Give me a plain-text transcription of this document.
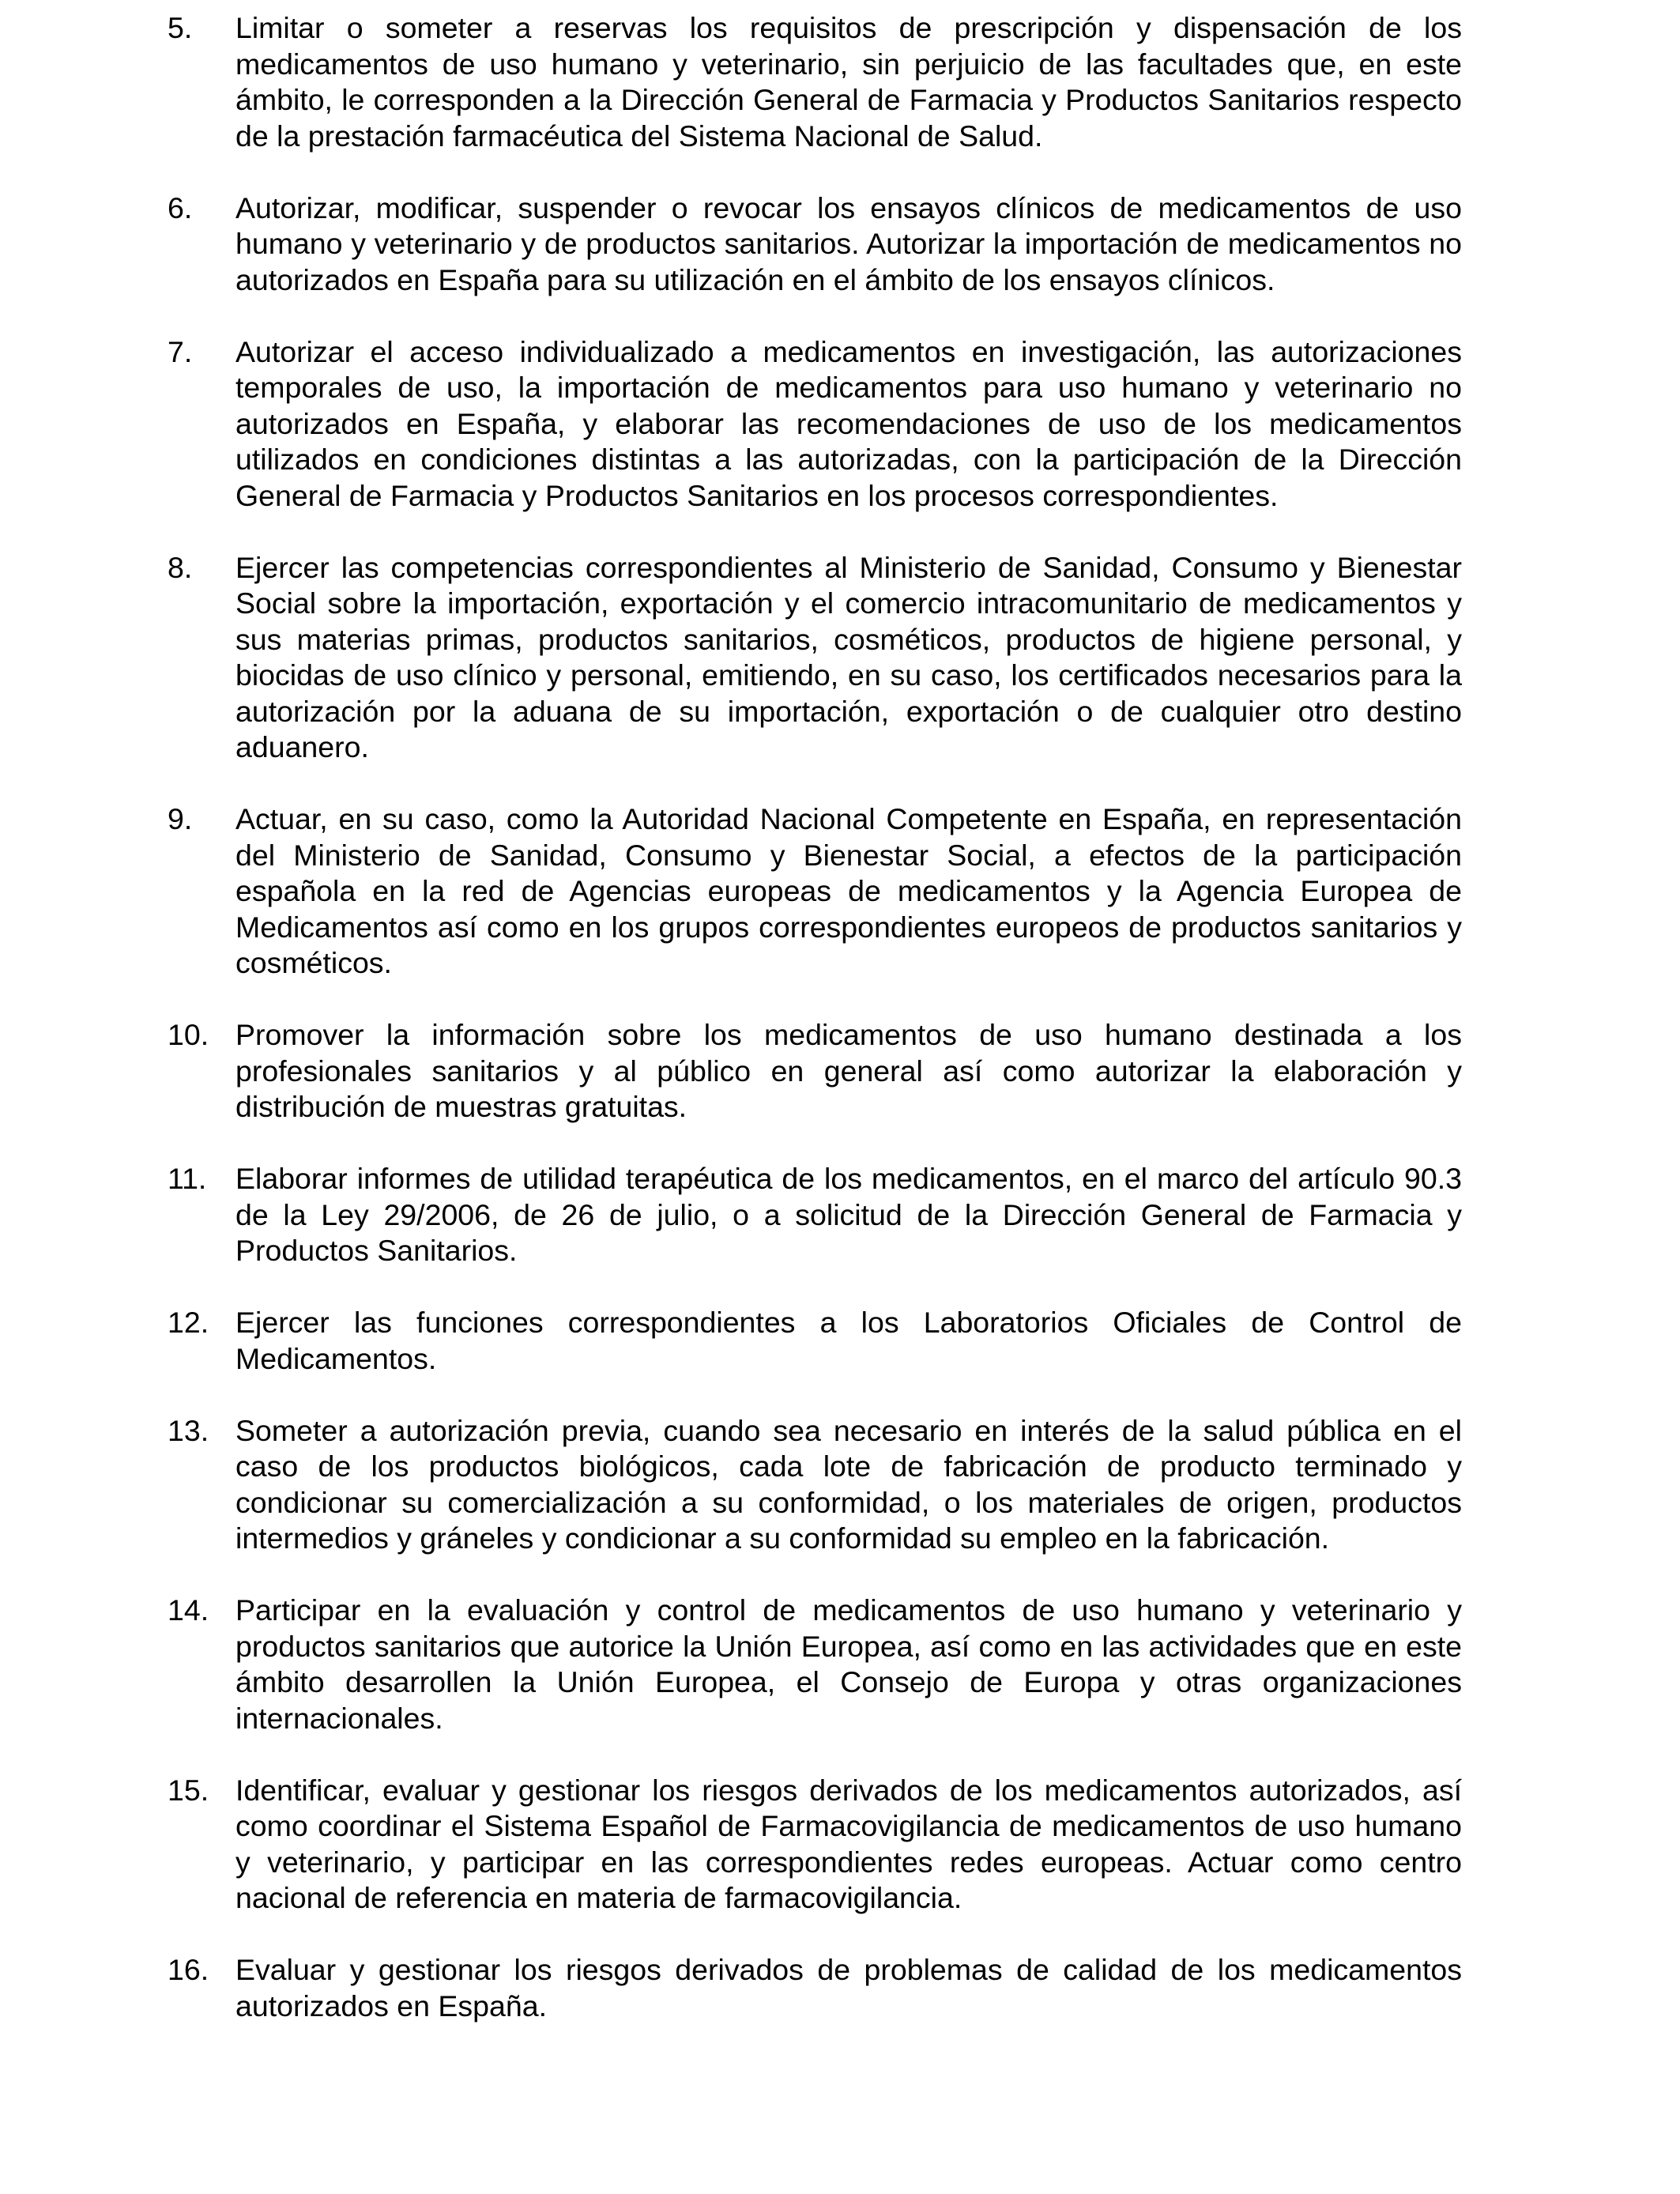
5. Limitar o someter a reservas los requisitos de prescripción y dispensación de los medicamentos de uso humano y veterinario, sin perjuicio de las facultades que, en este ámbito, le corresponden a la Dirección General de Farmacia y Productos Sanitarios respecto de la prestación farmacéutica del Sistema Nacional de Salud.
6. Autorizar, modificar, suspender o revocar los ensayos clínicos de medicamentos de uso humano y veterinario y de productos sanitarios. Autorizar la importación de medicamentos no autorizados en España para su utilización en el ámbito de los ensayos clínicos.
7. Autorizar el acceso individualizado a medicamentos en investigación, las autorizaciones temporales de uso, la importación de medicamentos para uso humano y veterinario no autorizados en España, y elaborar las recomendaciones de uso de los medicamentos utilizados en condiciones distintas a las autorizadas, con la participación de la Dirección General de Farmacia y Productos Sanitarios en los procesos correspondientes.
8. Ejercer las competencias correspondientes al Ministerio de Sanidad, Consumo y Bienestar Social sobre la importación, exportación y el comercio intracomunitario de medicamentos y sus materias primas, productos sanitarios, cosméticos, productos de higiene personal, y biocidas de uso clínico y personal, emitiendo, en su caso, los certificados necesarios para la autorización por la aduana de su importación, exportación o de cualquier otro destino aduanero.
9. Actuar, en su caso, como la Autoridad Nacional Competente en España, en representación del Ministerio de Sanidad, Consumo y Bienestar Social, a efectos de la participación española en la red de Agencias europeas de medicamentos y la Agencia Europea de Medicamentos así como en los grupos correspondientes europeos de productos sanitarios y cosméticos.
10. Promover la información sobre los medicamentos de uso humano destinada a los profesionales sanitarios y al público en general así como autorizar la elaboración y distribución de muestras gratuitas.
11. Elaborar informes de utilidad terapéutica de los medicamentos, en el marco del artículo 90.3 de la Ley 29/2006, de 26 de julio, o a solicitud de la Dirección General de Farmacia y Productos Sanitarios.
12. Ejercer las funciones correspondientes a los Laboratorios Oficiales de Control de Medicamentos.
13. Someter a autorización previa, cuando sea necesario en interés de la salud pública en el caso de los productos biológicos, cada lote de fabricación de producto terminado y condicionar su comercialización a su conformidad, o los materiales de origen, productos intermedios y gráneles y condicionar a su conformidad su empleo en la fabricación.
14. Participar en la evaluación y control de medicamentos de uso humano y veterinario y productos sanitarios que autorice la Unión Europea, así como en las actividades que en este ámbito desarrollen la Unión Europea, el Consejo de Europa y otras organizaciones internacionales.
15. Identificar, evaluar y gestionar los riesgos derivados de los medicamentos autorizados, así como coordinar el Sistema Español de Farmacovigilancia de medicamentos de uso humano y veterinario, y participar en las correspondientes redes europeas. Actuar como centro nacional de referencia en materia de farmacovigilancia.
16. Evaluar y gestionar los riesgos derivados de problemas de calidad de los medicamentos autorizados en España.
